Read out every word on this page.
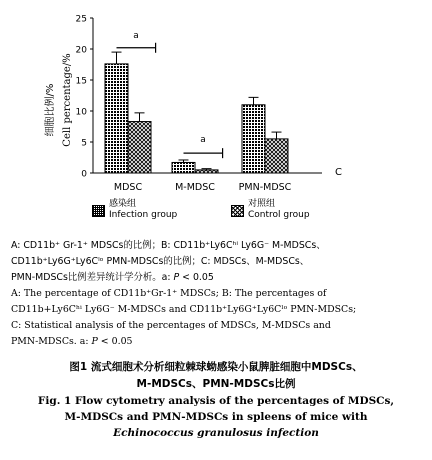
a
a
0
5
10
15
20
25
MDSC	M-MDSC	PMN-MDSC
细胞比例/% Cell percentage/%
C
感染组
Infection group
对照组
Control group
A: CD11b⁺ Gr-1⁺ MDSCs的比例；B: CD11b⁺Ly6Cʰⁱ Ly6G⁻ M-MDSCs、
CD11b⁺Ly6G⁺Ly6Cˡᵒ PMN-MDSCs的比例；C: MDSCs、M-MDSCs、
PMN-MDSCs比例差异统计学分析。a: P < 0.05
A: The percentage of CD11b⁺Gr-1⁺ MDSCs; B: The percentages of
CD11b+Ly6Cʰⁱ Ly6G⁻ M-MDSCs and CD11b⁺Ly6G⁺Ly6Cˡᵒ PMN-MDSCs;
C: Statistical analysis of the percentages of MDSCs, M-MDSCs and
PMN-MDSCs. a: P < 0.05
图1 流式细胞术分析细粒棘球蚴感染小鼠脾脏细胞中MDSCs、
M-MDSCs、PMN-MDSCs比例
Fig. 1 Flow cytometry analysis of the percentages of MDSCs,
M-MDSCs and PMN-MDSCs in spleens of mice with
Echinococcus granulosus infection
